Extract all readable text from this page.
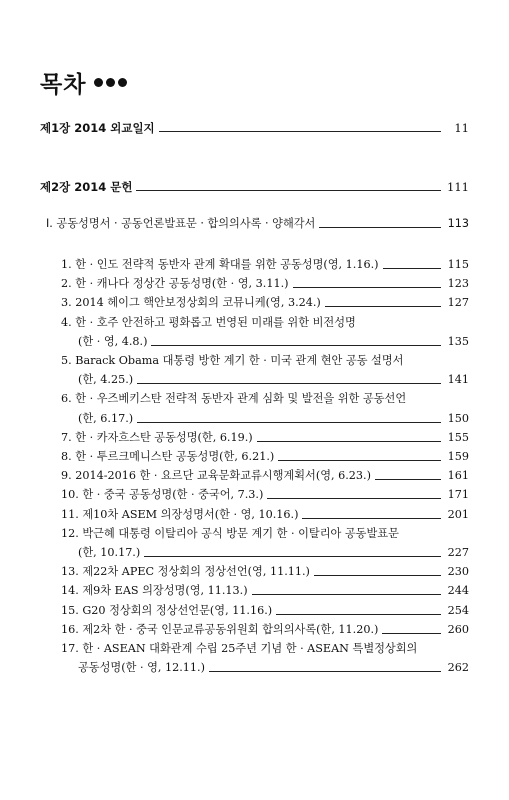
목차
제1장 2014 외교일지	11
제2장 2014 문헌	111
Ⅰ. 공동성명서 · 공동언론발표문 · 합의의사록 · 양해각서	113
1. 한 · 인도 전략적 동반자 관계 확대를 위한 공동성명(영, 1.16.)	115
2. 한 · 캐나다 정상간 공동성명(한 · 영, 3.11.)	123
3. 2014 헤이그 핵안보정상회의 코뮤니케(영, 3.24.)	127
4. 한 · 호주 안전하고 평화롭고 번영된 미래를 위한 비전성명
(한 · 영, 4.8.)	135
5. Barack Obama 대통령 방한 계기 한 · 미국 관계 현안 공동 설명서
(한, 4.25.)	141
6. 한 · 우즈베키스탄 전략적 동반자 관계 심화 및 발전을 위한 공동선언
(한, 6.17.)	150
7. 한 · 카자흐스탄 공동성명(한, 6.19.)	155
8. 한 · 투르크메니스탄 공동성명(한, 6.21.)	159
9. 2014-2016 한 · 요르단 교육문화교류시행계획서(영, 6.23.)	161
10. 한 · 중국 공동성명(한 · 중국어, 7.3.)	171
11. 제10차 ASEM 의장성명서(한 · 영, 10.16.)	201
12. 박근혜 대통령 이탈리아 공식 방문 계기 한 · 이탈리아 공동발표문
(한, 10.17.)	227
13. 제22차 APEC 정상회의 정상선언(영, 11.11.)	230
14. 제9차 EAS 의장성명(영, 11.13.)	244
15. G20 정상회의 정상선언문(영, 11.16.)	254
16. 제2차 한 · 중국 인문교류공동위원회 합의의사록(한, 11.20.)	260
17. 한 · ASEAN 대화관계 수립 25주년 기념 한 · ASEAN 특별정상회의
공동성명(한 · 영, 12.11.)	262
